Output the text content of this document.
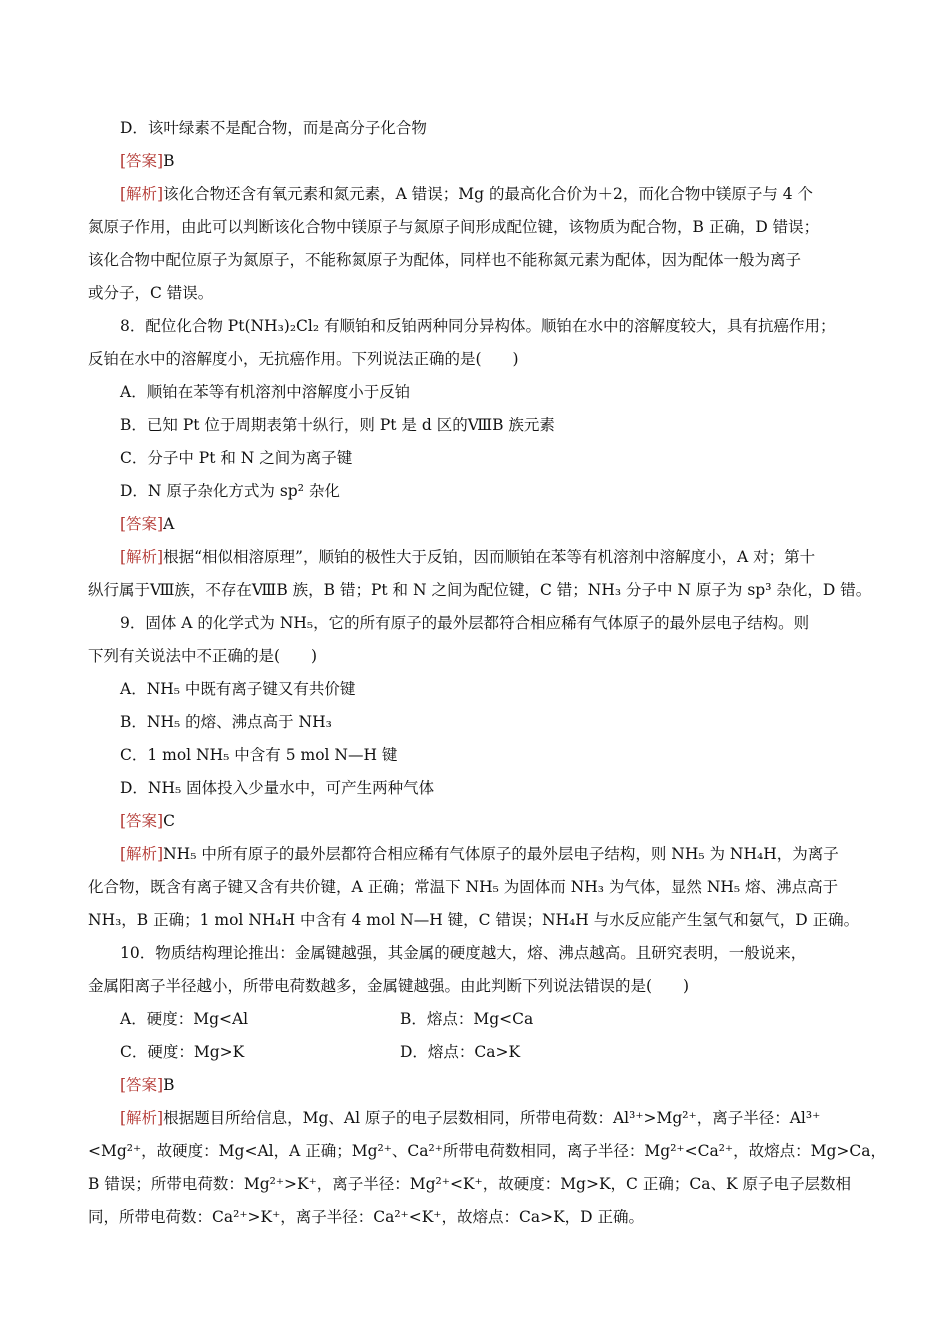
D．该叶绿素不是配合物，而是高分子化合物
[答案]B
[解析]该化合物还含有氧元素和氮元素，A 错误；Mg 的最高化合价为＋2，而化合物中镁原子与 4 个
氮原子作用，由此可以判断该化合物中镁原子与氮原子间形成配位键，该物质为配合物，B 正确，D 错误；
该化合物中配位原子为氮原子，不能称氮原子为配体，同样也不能称氮元素为配体，因为配体一般为离子
或分子，C 错误。
8．配位化合物 Pt(NH₃)₂Cl₂ 有顺铂和反铂两种同分异构体。顺铂在水中的溶解度较大，具有抗癌作用；
反铂在水中的溶解度小，无抗癌作用。下列说法正确的是(　　)
A．顺铂在苯等有机溶剂中溶解度小于反铂
B．已知 Pt 位于周期表第十纵行，则 Pt 是 d 区的ⅧB 族元素
C．分子中 Pt 和 N 之间为离子键
D．N 原子杂化方式为 sp² 杂化
[答案]A
[解析]根据“相似相溶原理”，顺铂的极性大于反铂，因而顺铂在苯等有机溶剂中溶解度小，A 对；第十
纵行属于Ⅷ族，不存在ⅧB 族，B 错；Pt 和 N 之间为配位键，C 错；NH₃ 分子中 N 原子为 sp³ 杂化，D 错。
9．固体 A 的化学式为 NH₅，它的所有原子的最外层都符合相应稀有气体原子的最外层电子结构。则
下列有关说法中不正确的是(　　)
A．NH₅ 中既有离子键又有共价键
B．NH₅ 的熔、沸点高于 NH₃
C．1 mol NH₅ 中含有 5 mol N—H 键
D．NH₅ 固体投入少量水中，可产生两种气体
[答案]C
[解析]NH₅ 中所有原子的最外层都符合相应稀有气体原子的最外层电子结构，则 NH₅ 为 NH₄H，为离子
化合物，既含有离子键又含有共价键，A 正确；常温下 NH₅ 为固体而 NH₃ 为气体，显然 NH₅ 熔、沸点高于
NH₃，B 正确；1 mol NH₄H 中含有 4 mol N—H 键，C 错误；NH₄H 与水反应能产生氢气和氨气，D 正确。
10．物质结构理论推出：金属键越强，其金属的硬度越大，熔、沸点越高。且研究表明，一般说来，
金属阳离子半径越小，所带电荷数越多，金属键越强。由此判断下列说法错误的是(　　)
A．硬度：Mg<Al	B．熔点：Mg<Ca
C．硬度：Mg>K	D．熔点：Ca>K
[答案]B
[解析]根据题目所给信息，Mg、Al 原子的电子层数相同，所带电荷数：Al³⁺>Mg²⁺，离子半径：Al³⁺
<Mg²⁺，故硬度：Mg<Al，A 正确；Mg²⁺、Ca²⁺所带电荷数相同，离子半径：Mg²⁺<Ca²⁺，故熔点：Mg>Ca，
B 错误；所带电荷数：Mg²⁺>K⁺，离子半径：Mg²⁺<K⁺，故硬度：Mg>K，C 正确；Ca、K 原子电子层数相
同，所带电荷数：Ca²⁺>K⁺，离子半径：Ca²⁺<K⁺，故熔点：Ca>K，D 正确。
